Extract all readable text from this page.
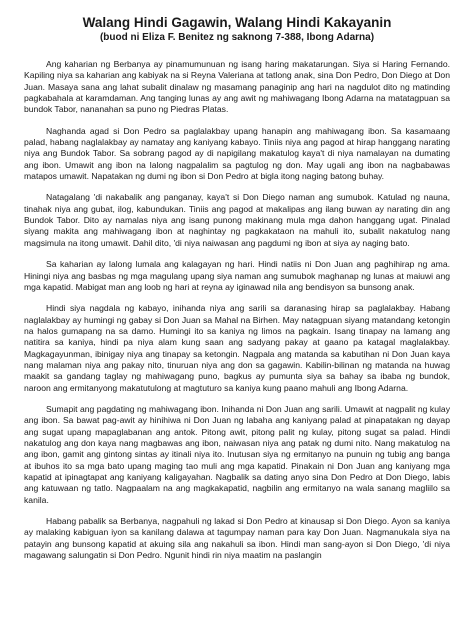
Walang Hindi Gagawin, Walang Hindi Kakayanin
(buod ni Eliza F. Benitez ng saknong 7-388, Ibong Adarna)

Ang kaharian ng Berbanya ay pinamumunuan ng isang haring makatarungan. Siya si Haring Fernando. Kapiling niya sa kaharian ang kabiyak na si Reyna Valeriana at tatlong anak, sina Don Pedro, Don Diego at Don Juan. Masaya sana ang lahat subalit dinalaw ng masamang panaginip ang hari na nagdulot dito ng matinding pagkabahala at karamdaman. Ang tanging lunas ay ang awit ng mahiwagang Ibong Adarna na matatagpuan sa bundok Tabor, nananahan sa puno ng Piedras Platas.

Naghanda agad si Don Pedro sa paglalakbay upang hanapin ang mahiwagang ibon. Sa kasamaang palad, habang naglalakbay ay namatay ang kaniyang kabayo. Tiniis niya ang pagod at hirap hanggang narating niya ang Bundok Tabor. Sa sobrang pagod ay di napigilang makatulog kaya't di niya namalayan na dumating ang ibon. Umawit ang ibon na lalong nagpalalim sa pagtulog ng don. May ugali ang ibon na nagbabawas matapos umawit. Napatakan ng dumi ng ibon si Don Pedro at bigla itong naging batong buhay.

Natagalang 'di nakabalik ang panganay, kaya't si Don Diego naman ang sumubok. Katulad ng nauna, tinahak niya ang gubat, ilog, kabundukan. Tiniis ang pagod at makalipas ang ilang buwan ay narating din ang Bundok Tabor. Dito ay namalas niya ang isang punong makinang mula mga dahon hanggang ugat. Pinalad siyang makita ang mahiwagang ibon at naghintay ng pagkakataon na mahuli ito, subalit nakatulog nang magsimula na itong umawit. Dahil dito, 'di niya naiwasan ang pagdumi ng ibon at siya ay naging bato.

Sa kaharian ay lalong lumala ang kalagayan ng hari. Hindi natiis ni Don Juan ang paghihirap ng ama. Hiningi niya ang basbas ng mga magulang upang siya naman ang sumubok maghanap ng lunas at maiuwi ang mga kapatid. Mabigat man ang loob ng hari at reyna ay iginawad nila ang bendisyon sa bunsong anak.

Hindi siya nagdala ng kabayo, inihanda niya ang sarili sa daranasing hirap sa paglalakbay. Habang naglalakbay ay humingi ng gabay si Don Juan sa Mahal na Birhen. May natagpuan siyang matandang ketongin na halos gumapang na sa damo. Humingi ito sa kaniya ng limos na pagkain. Isang tinapay na lamang ang natitira sa kaniya, hindi pa niya alam kung saan ang sadyang pakay at gaano pa katagal maglalakbay. Magkagayunman, ibinigay niya ang tinapay sa ketongin. Nagpala ang matanda sa kabutihan ni Don Juan kaya nang malaman niya ang pakay nito, tinuruan niya ang don sa gagawin. Kabilin-bilinan ng matanda na huwag maakit sa gandang taglay ng mahiwagang puno, bagkus ay pumunta siya sa bahay sa ibaba ng bundok, naroon ang ermitanyong makatutulong at magtuturo sa kaniya kung paano mahuli ang Ibong Adarna.

Sumapit ang pagdating ng mahiwagang ibon. Inihanda ni Don Juan ang sarili. Umawit at nagpalit ng kulay ang ibon. Sa bawat pag-awit ay hinihiwa ni Don Juan ng labaha ang kaniyang palad at pinapatakan ng dayap ang sugat upang mapaglabanan ang antok. Pitong awit, pitong palit ng kulay, pitong sugat sa palad. Hindi nakatulog ang don kaya nang magbawas ang ibon, naiwasan niya ang patak ng dumi nito. Nang makatulog na ang ibon, gamit ang gintong sintas ay itinali niya ito. Inutusan siya ng ermitanyo na punuin ng tubig ang banga at ibuhos ito sa mga bato upang maging tao muli ang mga kapatid. Pinakain ni Don Juan ang kaniyang mga kapatid at ipinagtapat ang kaniyang kaligayahan. Nagbalik sa dating anyo sina Don Pedro at Don Diego, labis ang katuwaan ng tatlo. Nagpaalam na ang magkakapatid, nagbilin ang ermitanyo na wala sanang magliilo sa kanila.

Habang pabalik sa Berbanya, nagpahuli ng lakad si Don Pedro at kinausap si Don Diego. Ayon sa kaniya ay malaking kabiguan iyon sa kanilang dalawa at tagumpay naman para kay Don Juan. Nagmanukala siya na patayin ang bunsong kapatid at akuing sila ang nakahuli sa ibon. Hindi man sang-ayon si Don Diego, 'di niya magawang salungatin si Don Pedro. Ngunit hindi rin niya maatim na paslangin
